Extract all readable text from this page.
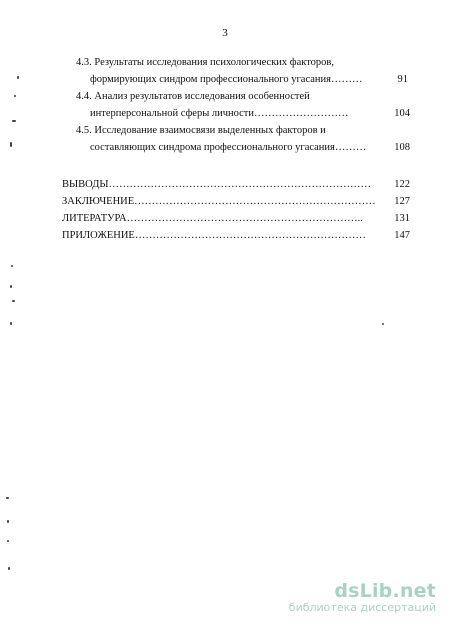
3
4.3. Результаты исследования психологических факторов,
формирующих синдром профессионального угасания………	91
4.4. Анализ результатов исследования особенностей
интерперсональной сферы личности………………………	104
4.5. Исследование взаимосвязи выделенных факторов и
составляющих синдрома профессионального угасания………	108
ВЫВОДЫ…………………………………………………………………	122
ЗАКЛЮЧЕНИЕ……………………………………………………………	127
ЛИТЕРАТУРА…………………………………………………………..	131
ПРИЛОЖЕНИЕ…………………………………………………………	147
dsLib.net
библиотека диссертаций
